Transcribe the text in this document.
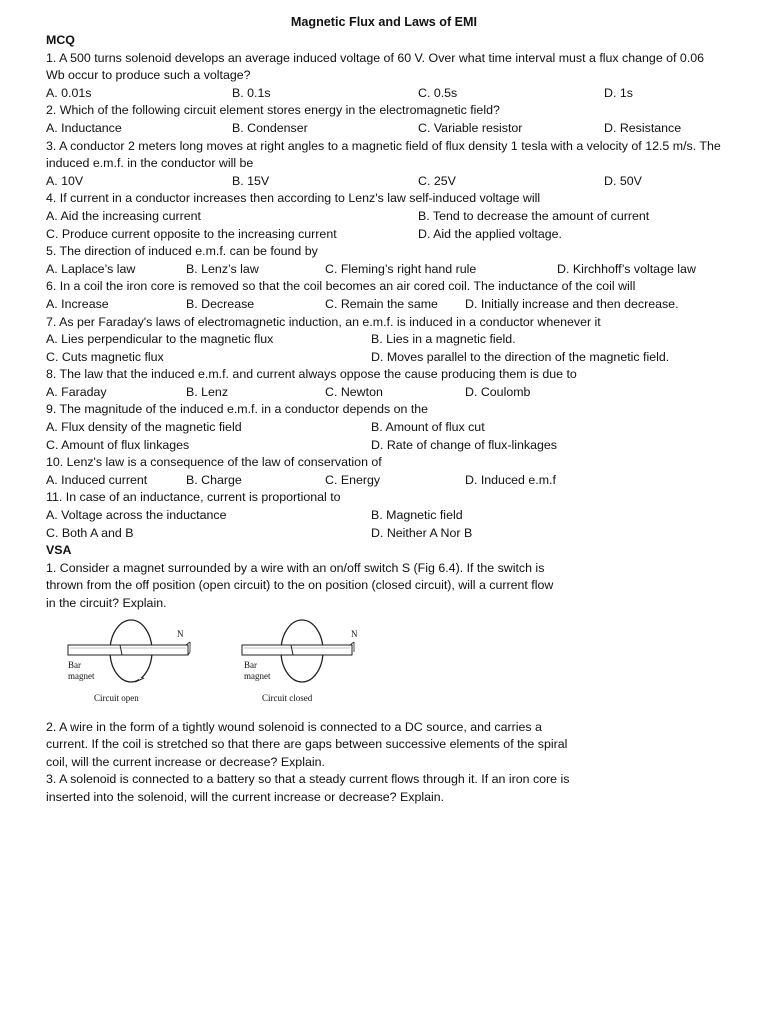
Magnetic Flux and Laws of EMI
MCQ
1. A 500 turns solenoid develops an average induced voltage of 60 V. Over what time interval must a flux change of 0.06 Wb occur to produce such a voltage?
A. 0.01s	B. 0.1s	C. 0.5s	D. 1s
2. Which of the following circuit element stores energy in the electromagnetic field?
A. Inductance	B. Condenser	C. Variable resistor	D. Resistance
3. A conductor 2 meters long moves at right angles to a magnetic field of flux density 1 tesla with a velocity of 12.5 m/s. The induced e.m.f. in the conductor will be
A. 10V	B. 15V	C. 25V	D. 50V
4. If current in a conductor increases then according to Lenz's law self-induced voltage will
A. Aid the increasing current	B. Tend to decrease the amount of current
C. Produce current opposite to the increasing current	D. Aid the applied voltage.
5. The direction of induced e.m.f. can be found by
A. Laplace’s law	B. Lenz’s law	C. Fleming’s right hand rule	D. Kirchhoff’s voltage law
6. In a coil the iron core is removed so that the coil becomes an air cored coil. The inductance of the coil will
A. Increase	B. Decrease	C. Remain the same	D. Initially increase and then decrease.
7. As per Faraday's laws of electromagnetic induction, an e.m.f. is induced in a conductor whenever it
A. Lies perpendicular to the magnetic flux	B. Lies in a magnetic field.
C. Cuts magnetic flux	D. Moves parallel to the direction of the magnetic field.
8. The law that the induced e.m.f. and current always oppose the cause producing them is due to
A. Faraday	B. Lenz	C. Newton	D. Coulomb
9. The magnitude of the induced e.m.f. in a conductor depends on the
A. Flux density of the magnetic field	B. Amount of flux cut
C. Amount of flux linkages	D. Rate of change of flux-linkages
10. Lenz's law is a consequence of the law of conservation of
A. Induced current	B. Charge	C. Energy	D. Induced e.m.f
11. In case of an inductance, current is proportional to
A. Voltage across the inductance	B. Magnetic field
C. Both A and B	D. Neither A Nor B
VSA
1. Consider a magnet surrounded by a wire with an on/off switch S (Fig 6.4). If the switch is
thrown from the off position (open circuit) to the on position (closed circuit), will a current flow
in the circuit? Explain.
N
Bar
magnet
Circuit open
N
Bar
magnet
Circuit closed
2. A wire in the form of a tightly wound solenoid is connected to a DC source, and carries a
current. If the coil is stretched so that there are gaps between successive elements of the spiral
coil, will the current increase or decrease? Explain.
3. A solenoid is connected to a battery so that a steady current flows through it. If an iron core is
inserted into the solenoid, will the current increase or decrease? Explain.
